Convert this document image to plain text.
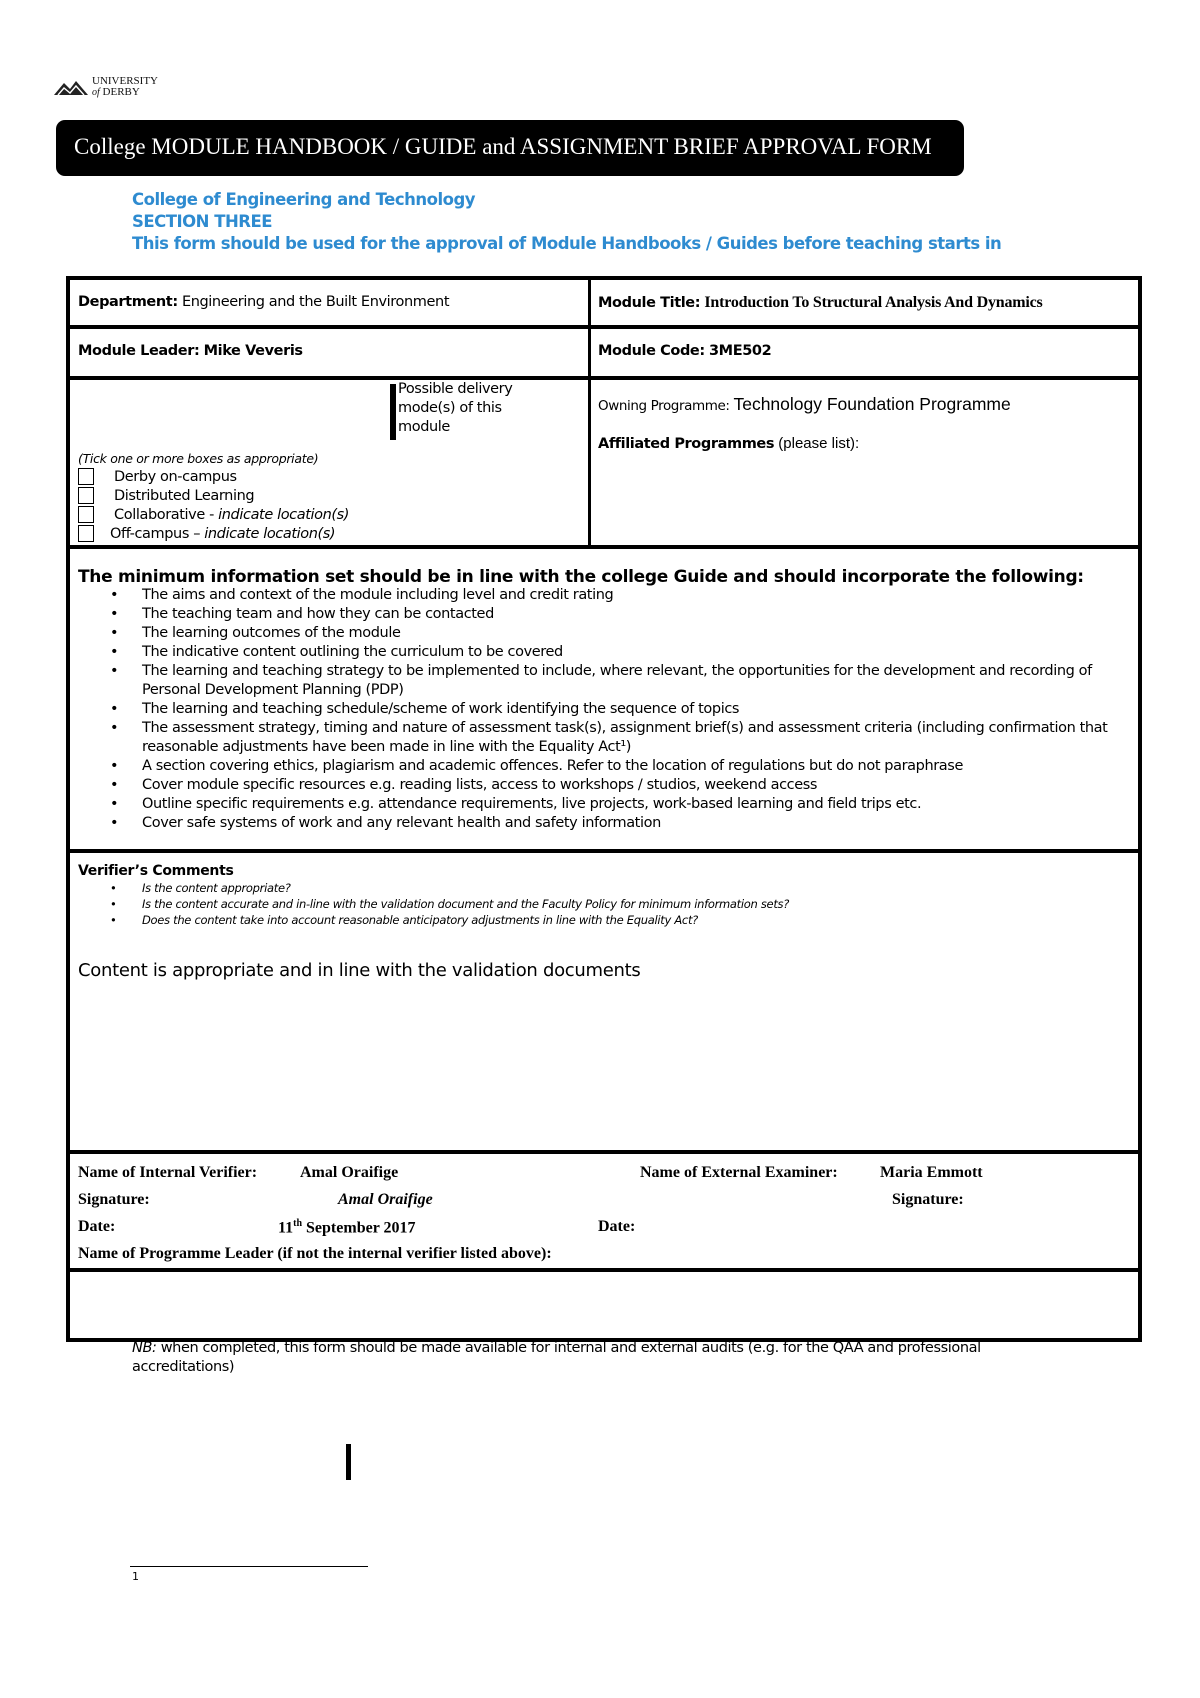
UNIVERSITY
of DERBY
College MODULE HANDBOOK / GUIDE and ASSIGNMENT BRIEF APPROVAL FORM
College of Engineering and Technology
SECTION THREE
This form should be used for the approval of Module Handbooks / Guides before teaching starts in
Department: Engineering and the Built Environment	Module Title: Introduction To Structural Analysis And Dynamics
Module Leader: Mike Veveris	Module Code: 3ME502
Possible delivery mode(s) of this module
(Tick one or more boxes as appropriate)
Derby on-campus
Distributed Learning
Collaborative - indicate location(s)
Off-campus – indicate location(s)
Owning Programme: Technology Foundation Programme
Affiliated Programmes (please list):
The minimum information set should be in line with the college Guide and should incorporate the following:
• The aims and context of the module including level and credit rating
• The teaching team and how they can be contacted
• The learning outcomes of the module
• The indicative content outlining the curriculum to be covered
• The learning and teaching strategy to be implemented to include, where relevant, the opportunities for the development and recording of Personal Development Planning (PDP)
• The learning and teaching schedule/scheme of work identifying the sequence of topics
• The assessment strategy, timing and nature of assessment task(s), assignment brief(s) and assessment criteria (including confirmation that reasonable adjustments have been made in line with the Equality Act¹)
• A section covering ethics, plagiarism and academic offences. Refer to the location of regulations but do not paraphrase
• Cover module specific resources e.g. reading lists, access to workshops / studios, weekend access
• Outline specific requirements e.g. attendance requirements, live projects, work-based learning and field trips etc.
• Cover safe systems of work and any relevant health and safety information
Verifier’s Comments
• Is the content appropriate?
• Is the content accurate and in-line with the validation document and the Faculty Policy for minimum information sets?
• Does the content take into account reasonable anticipatory adjustments in line with the Equality Act?
Content is appropriate and in line with the validation documents
Name of Internal Verifier:	Amal Oraifige	Name of External Examiner:	Maria Emmott
Signature:	Amal Oraifige	Signature:
Date:	11th September 2017	Date:
Name of Programme Leader (if not the internal verifier listed above):
NB: when completed, this form should be made available for internal and external audits (e.g. for the QAA and professional accreditations)
1
